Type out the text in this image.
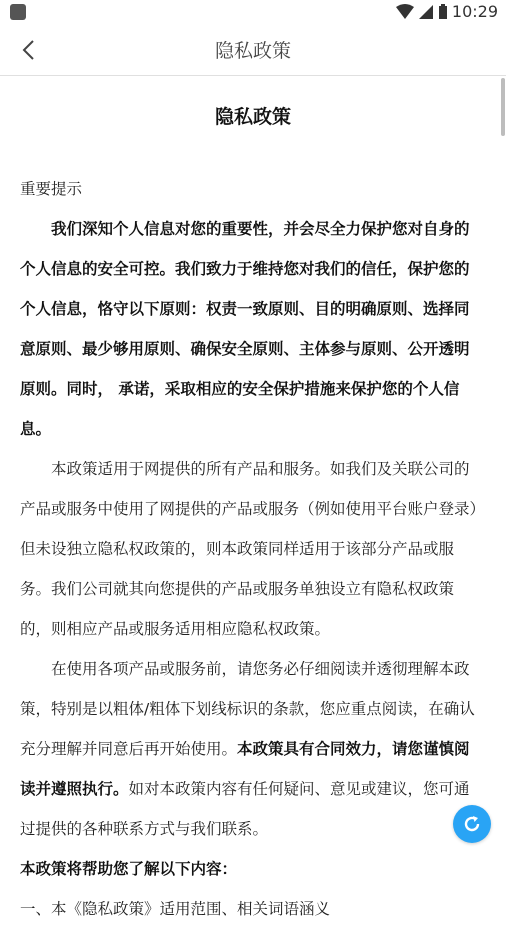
10:29
隐私政策
隐私政策

重要提示

我们深知个人信息对您的重要性，并会尽全力保护您对自身的个人信息的安全可控。我们致力于维持您对我们的信任，保护您的个人信息，恪守以下原则：权责一致原则、目的明确原则、选择同意原则、最少够用原则、确保安全原则、主体参与原则、公开透明原则。同时， 承诺，采取相应的安全保护措施来保护您的个人信息。

本政策适用于网提供的所有产品和服务。如我们及关联公司的产品或服务中使用了网提供的产品或服务（例如使用平台账户登录）但未设独立隐私权政策的，则本政策同样适用于该部分产品或服务。我们公司就其向您提供的产品或服务单独设立有隐私权政策的，则相应产品或服务适用相应隐私权政策。

在使用各项产品或服务前，请您务必仔细阅读并透彻理解本政策，特别是以粗体/粗体下划线标识的条款，您应重点阅读，在确认充分理解并同意后再开始使用。本政策具有合同效力，请您谨慎阅读并遵照执行。如对本政策内容有任何疑问、意见或建议，您可通过提供的各种联系方式与我们联系。

本政策将帮助您了解以下内容：

一、本《隐私政策》适用范围、相关词语涵义
